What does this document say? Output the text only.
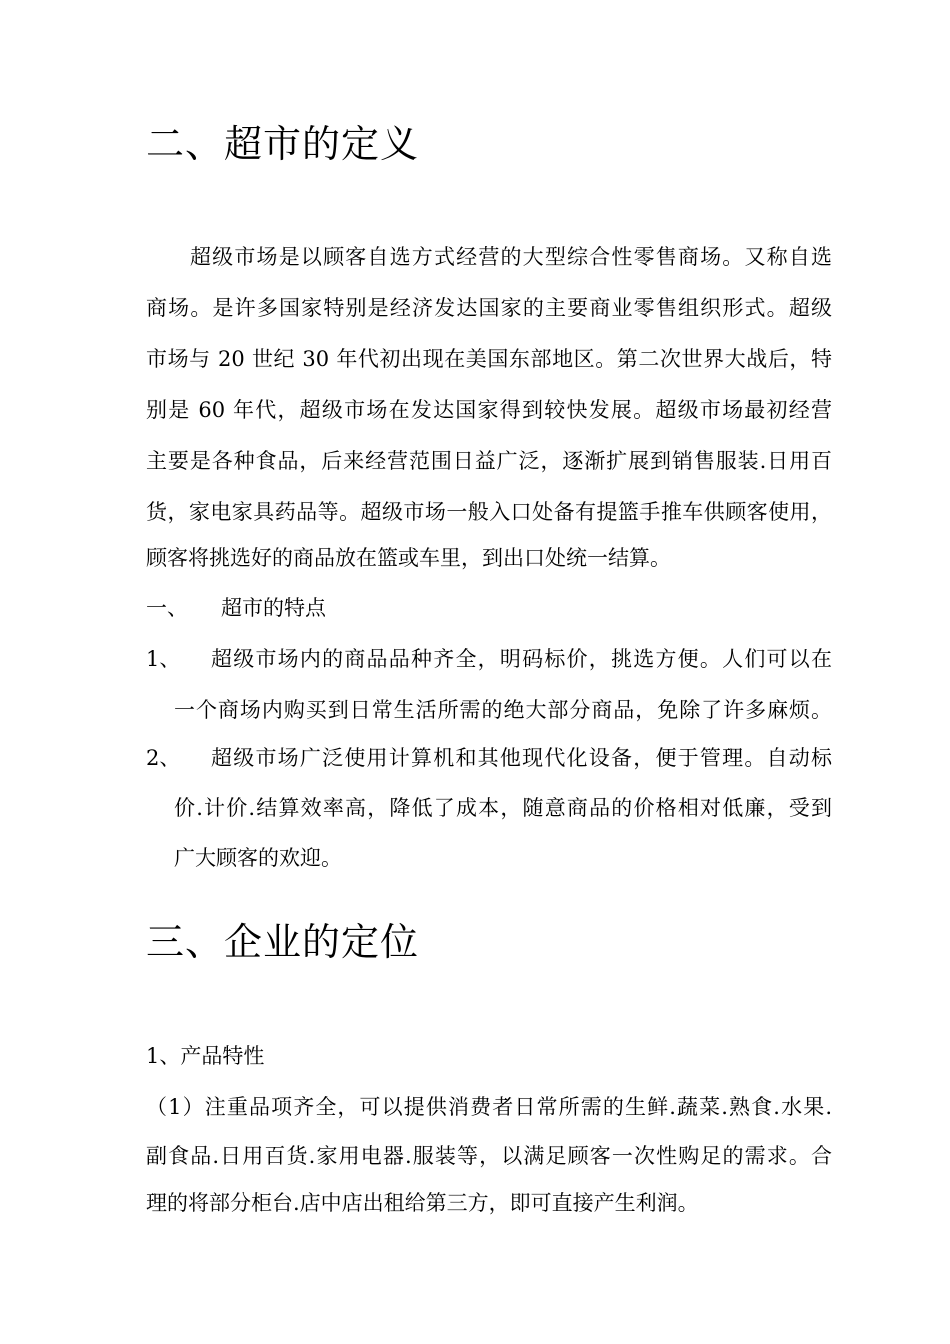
二、超市的定义
超级市场是以顾客自选方式经营的大型综合性零售商场。又称自选
商场。是许多国家特别是经济发达国家的主要商业零售组织形式。超级
市场与 20 世纪 30 年代初出现在美国东部地区。第二次世界大战后，特
别是 60 年代，超级市场在发达国家得到较快发展。超级市场最初经营
主要是各种食品，后来经营范围日益广泛，逐渐扩展到销售服装.日用百
货，家电家具药品等。超级市场一般入口处备有提篮手推车供顾客使用，
顾客将挑选好的商品放在篮或车里，到出口处统一结算。
一、 超市的特点
1、 超级市场内的商品品种齐全，明码标价，挑选方便。人们可以在
一个商场内购买到日常生活所需的绝大部分商品，免除了许多麻烦。
2、 超级市场广泛使用计算机和其他现代化设备，便于管理。自动标
价.计价.结算效率高，降低了成本，随意商品的价格相对低廉，受到
广大顾客的欢迎。
三、企业的定位
1、产品特性
（1）注重品项齐全，可以提供消费者日常所需的生鲜.蔬菜.熟食.水果.
副食品.日用百货.家用电器.服装等，以满足顾客一次性购足的需求。合
理的将部分柜台.店中店出租给第三方，即可直接产生利润。
